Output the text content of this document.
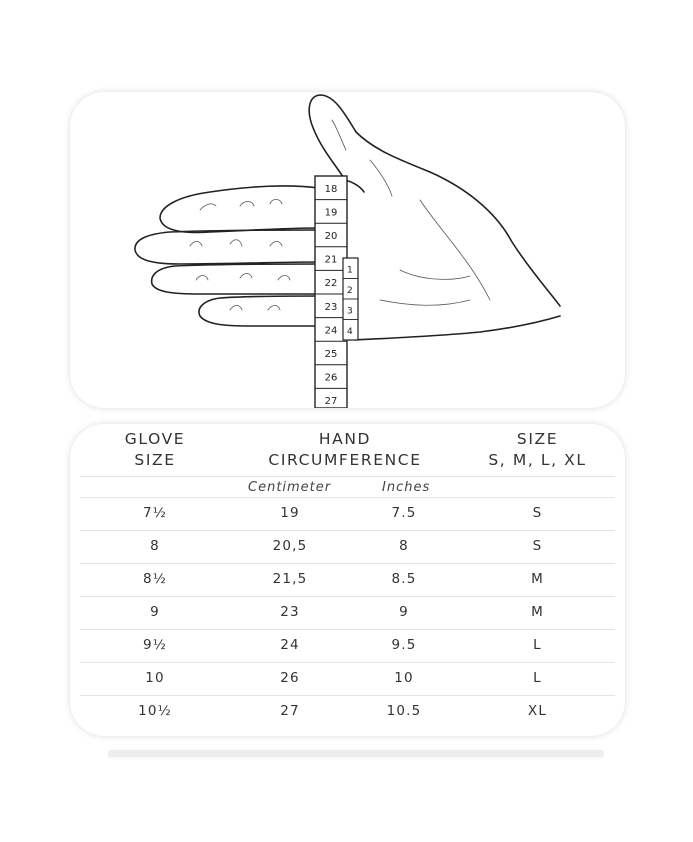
18
19
20
21
22
23
24
25
26
27
1
2
3
4
GLOVE
SIZE
HAND
CIRCUMFERENCE
SIZE
S, M, L, XL
Centimeter	Inches
7½	19	7.5	S
8	20,5	8	S
8½	21,5	8.5	M
9	23	9	M
9½	24	9.5	L
10	26	10	L
10½	27	10.5	XL
